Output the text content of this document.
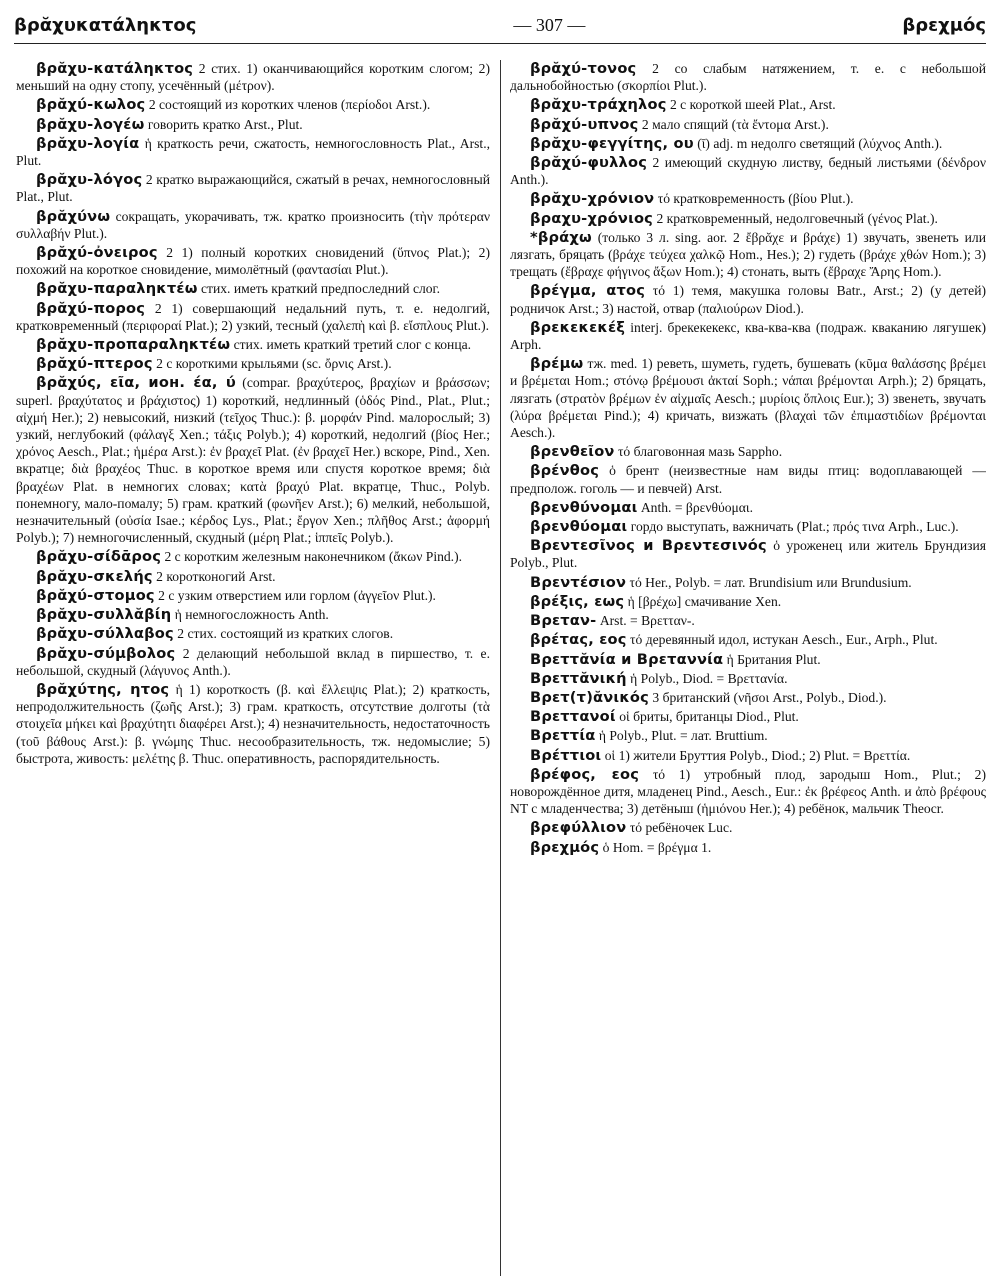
βρᾰχυκατάληκτος	— 307 —	βρεχμός

βρᾰχυ-κατάληκτος 2 стих. 1) оканчивающийся коротким слогом; 2) меньший на одну стопу, усечённый (μέτρον).

βρᾰχύ-κωλος 2 состоящий из коротких членов (περίοδοι Arst.).

βρᾰχυ-λογέω говорить кратко Arst., Plut.

βρᾰχυ-λογία ἡ краткость речи, сжатость, немногословность Plat., Arst., Plut.

βρᾰχυ-λόγος 2 кратко выражающийся, сжатый в речах, немногословный Plat., Plut.

βρᾰχύνω сокращать, укорачивать, тж. кратко произносить (τὴν πρότεραν συλλαβήν Plut.).

βρᾰχύ-ὀνειρος 2 1) полный коротких сновидений (ὕπνος Plat.); 2) похожий на короткое сновидение, мимолётный (φαντασίαι Plut.).

βρᾰχυ-παραληκτέω стих. иметь краткий предпоследний слог.

βρᾰχύ-πορος 2 1) совершающий недальний путь, т. е. недолгий, кратковременный (περιφοραί Plat.); 2) узкий, тесный (χαλεπὴ καὶ β. εἴσπλους Plut.).

βρᾰχυ-προπαραληκτέω стих. иметь краткий третий слог с конца.

βρᾰχύ-πτερος 2 с короткими крыльями (sc. ὄρνις Arst.).

βρᾰχύς, εῖα, ион. έα, ύ (compar. βραχύτερος, βραχίων и βράσσων; superl. βραχύτατος и βράχιστος) 1) короткий, недлинный (ὁδός Pind., Plat., Plut.; αἰχμή Her.); 2) невысокий, низкий (τεῖχος Thuc.): β. μορφάν Pind. малорослый; 3) узкий, неглубокий (φάλαγξ Xen.; τάξις Polyb.); 4) короткий, недолгий (βίος Her.; χρόνος Aesch., Plat.; ἡμέρα Arst.): ἐν βραχεῖ Plat. (ἐν βραχεῖ Her.) вскоре, Pind., Xen. вкратце; διὰ βραχέος Thuc. в короткое время или спустя короткое время; διὰ βραχέων Plat. в немногих словах; κατὰ βραχύ Plat. вкратце, Thuc., Polyb. понемногу, мало-помалу; 5) грам. краткий (φωνῆεν Arst.); 6) мелкий, небольшой, незначительный (οὐσία Isae.; κέρδος Lys., Plat.; ἔργον Xen.; πλῆθος Arst.; ἀφορμή Polyb.); 7) немногочисленный, скудный (μέρη Plat.; ἱππεῖς Polyb.).

βρᾰχυ-σίδᾱρος 2 с коротким железным наконечником (ἄκων Pind.).

βρᾰχυ-σκελής 2 коротконогий Arst.

βρᾰχύ-στομος 2 с узким отверстием или горлом (ἀγγεῖον Plut.).

βρᾰχυ-συλλᾰβίη ἡ немногосложность Anth.

βρᾰχυ-σύλλαβος 2 стих. состоящий из кратких слогов.

βρᾰχυ-σύμβολος 2 делающий небольшой вклад в пиршество, т. е. небольшой, скудный (λάγυνος Anth.).

βρᾰχύτης, ητος ἡ 1) короткость (β. καὶ ἔλλειψις Plat.); 2) краткость, непродолжительность (ζωῆς Arst.); 3) грам. краткость, отсутствие долготы (τὰ στοιχεῖα μήκει καὶ βραχύτητι διαφέρει Arst.); 4) незначительность, недостаточность (τοῦ βάθους Arst.): β. γνώμης Thuc. несообразительность, тж. недомыслие; 5) быстрота, живость: μελέτης β. Thuc. оперативность, распорядительность.

βρᾰχύ-τονος 2 со слабым натяжением, т. е. с небольшой дальнобойностью (σκορπίοι Plut.).

βρᾰχυ-τράχηλος 2 с короткой шеей Plat., Arst.

βρᾰχύ-υπνος 2 мало спящий (τὰ ἔντομα Arst.).

βρᾰχυ-φεγγίτης, ου (ῑ) adj. m недолго светящий (λύχνος Anth.).

βρᾰχύ-φυλλος 2 имеющий скудную листву, бедный листьями (δένδρον Anth.).

βρᾰχυ-χρόνιον τό кратковременность (βίου Plut.).

βραχυ-χρόνιος 2 кратковременный, недолговечный (γένος Plat.).

*βράχω (только 3 л. sing. aor. 2 ἔβρᾰχε и βράχε) 1) звучать, звенеть или лязгать, бряцать (βράχε τεύχεα χαλκῷ Hom., Hes.); 2) гудеть (βράχε χθών Hom.); 3) трещать (ἔβραχε φήγινος ἄξων Hom.); 4) стонать, выть (ἔβραχε Ἄρης Hom.).

βρέγμα, ατος τό 1) темя, макушка головы Batr., Arst.; 2) (у детей) родничок Arst.; 3) настой, отвар (παλιούρων Diod.).

βρεκεκεκέξ interj. брекекекекс, ква-ква-ква (подраж. кваканию лягушек) Arph.

βρέμω тж. med. 1) реветь, шуметь, гудеть, бушевать (κῦμα θαλάσσης βρέμει и βρέμεται Hom.; στόνῳ βρέμουσι ἀκταί Soph.; νάπαι βρέμονται Arph.); 2) бряцать, лязгать (στρατὸν βρέμων ἐν αἰχμαῖς Aesch.; μυρίοις ὅπλοις Eur.); 3) звенеть, звучать (λύρα βρέμεται Pind.); 4) кричать, визжать (βλαχαὶ τῶν ἐπιμαστιδίων βρέμονται Aesch.).

βρενθεῖον τό благовонная мазь Sappho.

βρένθος ὁ брент (неизвестные нам виды птиц: водоплавающей — предполож. гоголь — и певчей) Arst.

βρενθύνομαι Anth. = βρενθύομαι.

βρενθύομαι гордо выступать, важничать (Plat.; πρός τινα Arph., Luc.).

Βρεντεσῖνος и Βρεντεσινός ὁ уроженец или житель Брундизия Polyb., Plut.

Βρεντέσιον τό Her., Polyb. = лат. Brundisium или Brundusium.

βρέξις, εως ἡ [βρέχω] смачивание Xen.

Βρεταν- Arst. = Βρετταν-.

βρέτας, εος τό деревянный идол, истукан Aesch., Eur., Arph., Plut.

Βρεττᾰνία и Βρεταννία ἡ Британия Plut.

Βρεττᾰνική ἡ Polyb., Diod. = Βρεττανία.

Βρετ(τ)ᾰνικός 3 британский (νῆσοι Arst., Polyb., Diod.).

Βρεττανοί οἱ бриты, британцы Diod., Plut.

Βρεττία ἡ Polyb., Plut. = лат. Bruttium.

Βρέττιοι οἱ 1) жители Бруттия Polyb., Diod.; 2) Plut. = Βρεττία.

βρέφος, εος τό 1) утробный плод, зародыш Hom., Plut.; 2) новорождённое дитя, младенец Pind., Aesch., Eur.: ἐκ βρέφεος Anth. и ἀπὸ βρέφους NT с младенчества; 3) детёныш (ἡμιόνου Her.); 4) ребёнок, мальчик Theocr.

βρεφύλλιον τό ребёночек Luc.

βρεχμός ὁ Hom. = βρέγμα 1.
